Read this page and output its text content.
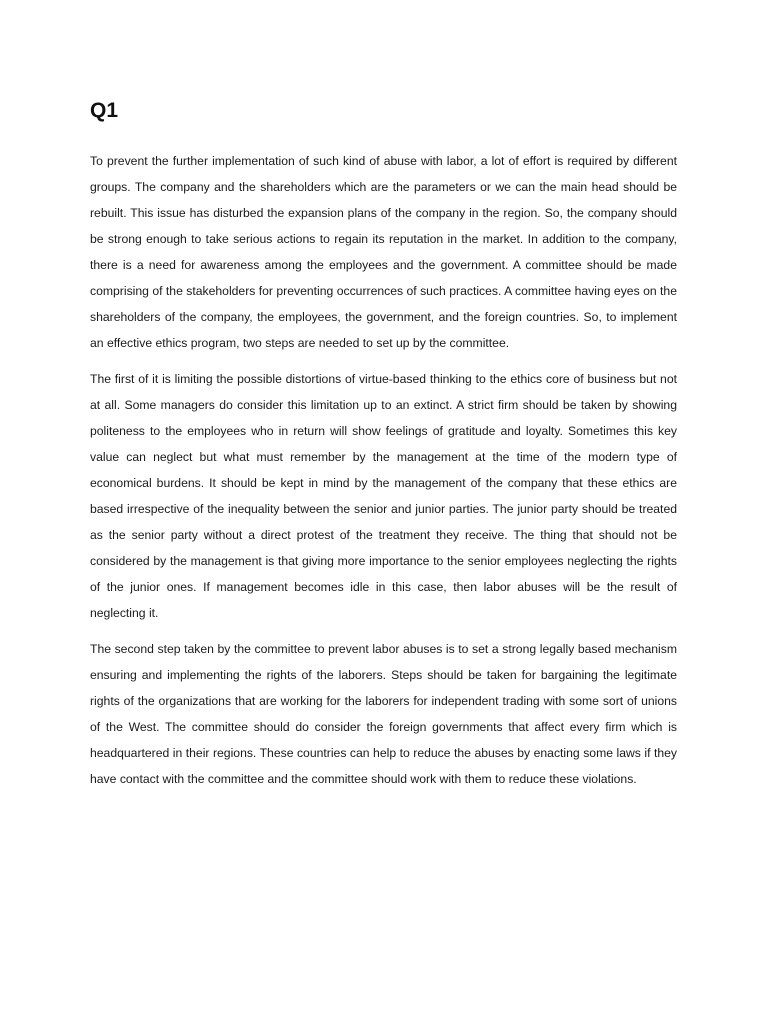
Q1

To prevent the further implementation of such kind of abuse with labor, a lot of effort is required by different groups. The company and the shareholders which are the parameters or we can the main head should be rebuilt. This issue has disturbed the expansion plans of the company in the region. So, the company should be strong enough to take serious actions to regain its reputation in the market. In addition to the company, there is a need for awareness among the employees and the government. A committee should be made comprising of the stakeholders for preventing occurrences of such practices. A committee having eyes on the shareholders of the company, the employees, the government, and the foreign countries. So, to implement an effective ethics program, two steps are needed to set up by the committee.

The first of it is limiting the possible distortions of virtue-based thinking to the ethics core of business but not at all. Some managers do consider this limitation up to an extinct. A strict firm should be taken by showing politeness to the employees who in return will show feelings of gratitude and loyalty. Sometimes this key value can neglect but what must remember by the management at the time of the modern type of economical burdens. It should be kept in mind by the management of the company that these ethics are based irrespective of the inequality between the senior and junior parties. The junior party should be treated as the senior party without a direct protest of the treatment they receive. The thing that should not be considered by the management is that giving more importance to the senior employees neglecting the rights of the junior ones. If management becomes idle in this case, then labor abuses will be the result of neglecting it.

The second step taken by the committee to prevent labor abuses is to set a strong legally based mechanism ensuring and implementing the rights of the laborers. Steps should be taken for bargaining the legitimate rights of the organizations that are working for the laborers for independent trading with some sort of unions of the West. The committee should do consider the foreign governments that affect every firm which is headquartered in their regions. These countries can help to reduce the abuses by enacting some laws if they have contact with the committee and the committee should work with them to reduce these violations.
